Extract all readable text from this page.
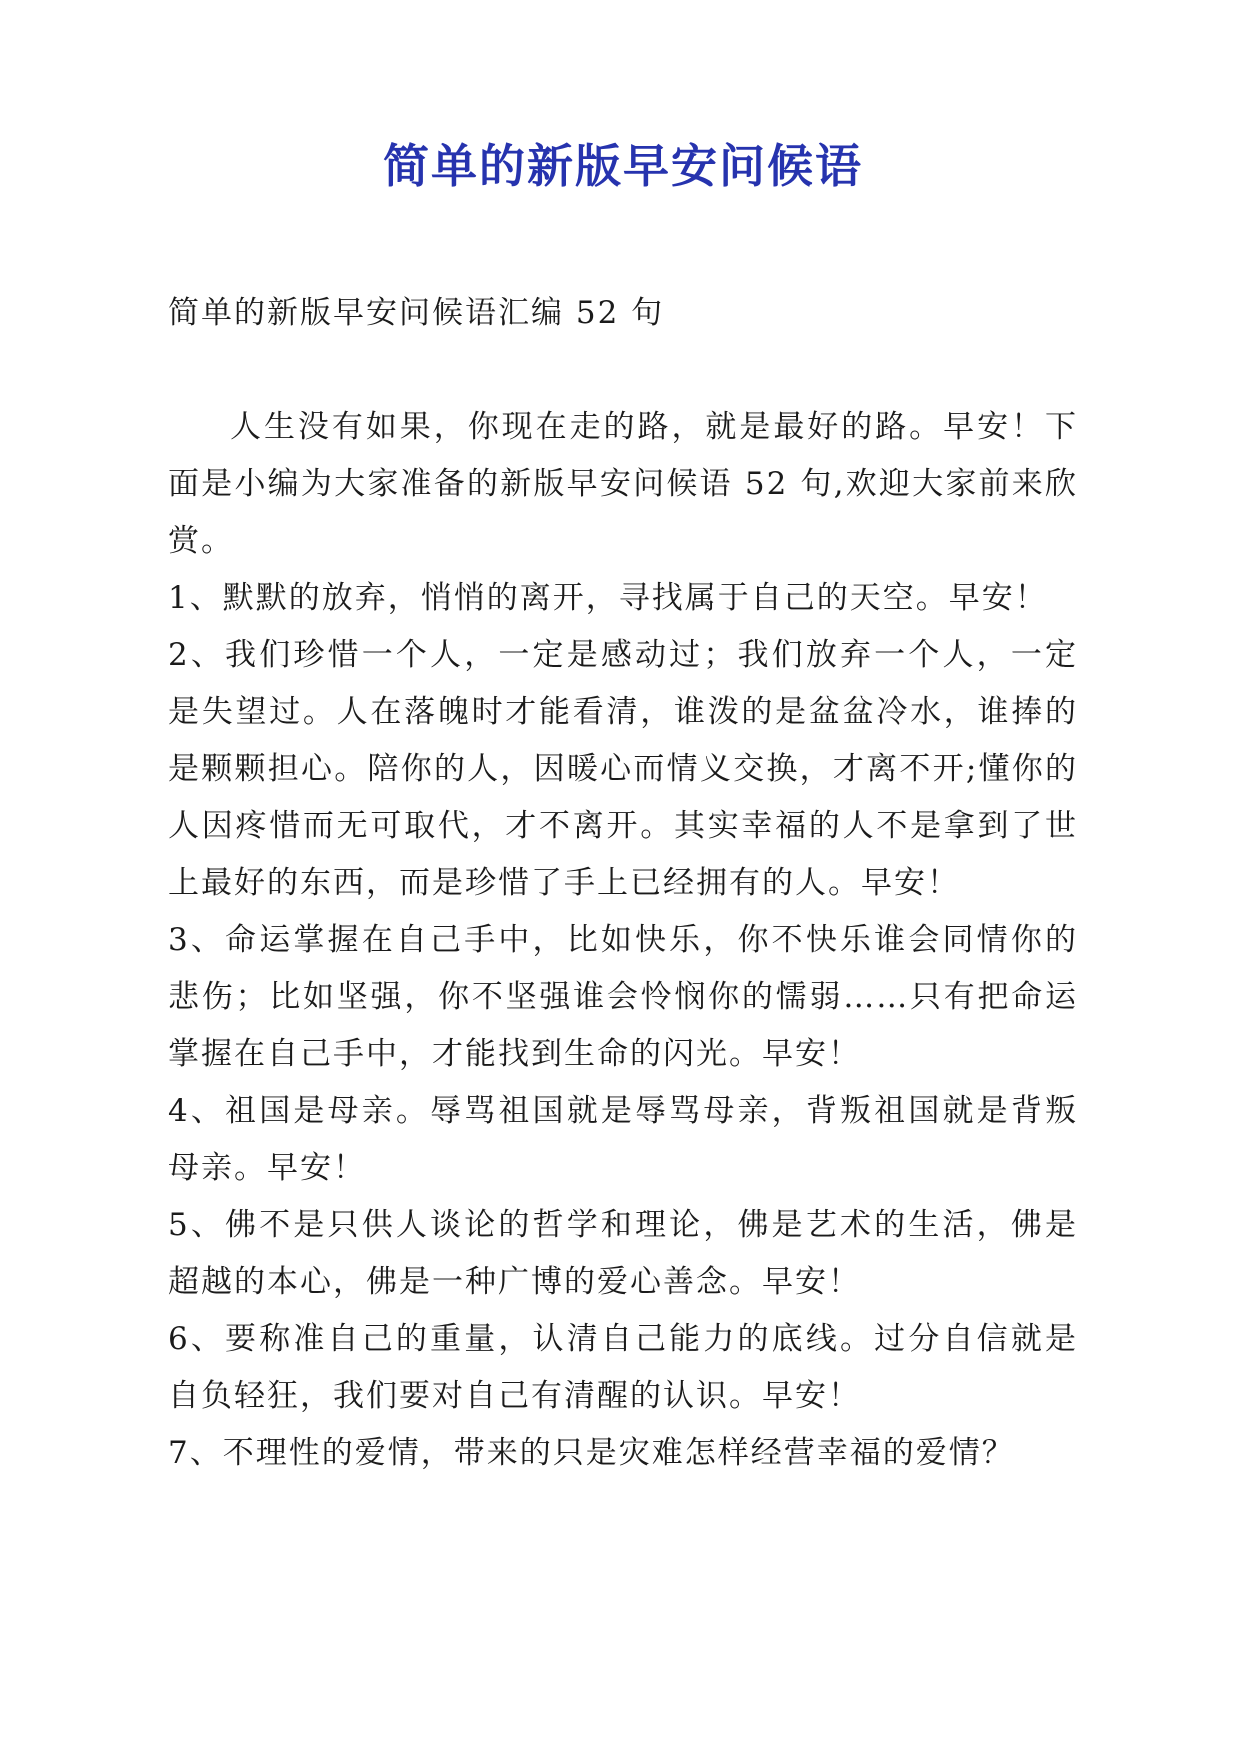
简单的新版早安问候语

简单的新版早安问候语汇编 52 句

人生没有如果，你现在走的路，就是最好的路。早安！下面是小编为大家准备的新版早安问候语 52 句,欢迎大家前来欣赏。

1、默默的放弃，悄悄的离开，寻找属于自己的天空。早安！

2、我们珍惜一个人，一定是感动过；我们放弃一个人，一定是失望过。人在落魄时才能看清，谁泼的是盆盆冷水，谁捧的是颗颗担心。陪你的人，因暖心而情义交换，才离不开;懂你的人因疼惜而无可取代，才不离开。其实幸福的人不是拿到了世上最好的东西，而是珍惜了手上已经拥有的人。早安！

3、命运掌握在自己手中，比如快乐，你不快乐谁会同情你的悲伤；比如坚强，你不坚强谁会怜悯你的懦弱……只有把命运掌握在自己手中，才能找到生命的闪光。早安！

4、祖国是母亲。辱骂祖国就是辱骂母亲，背叛祖国就是背叛母亲。早安！

5、佛不是只供人谈论的哲学和理论，佛是艺术的生活，佛是超越的本心，佛是一种广博的爱心善念。早安！

6、要称准自己的重量，认清自己能力的底线。过分自信就是自负轻狂，我们要对自己有清醒的认识。早安！

7、不理性的爱情，带来的只是灾难怎样经营幸福的爱情？
